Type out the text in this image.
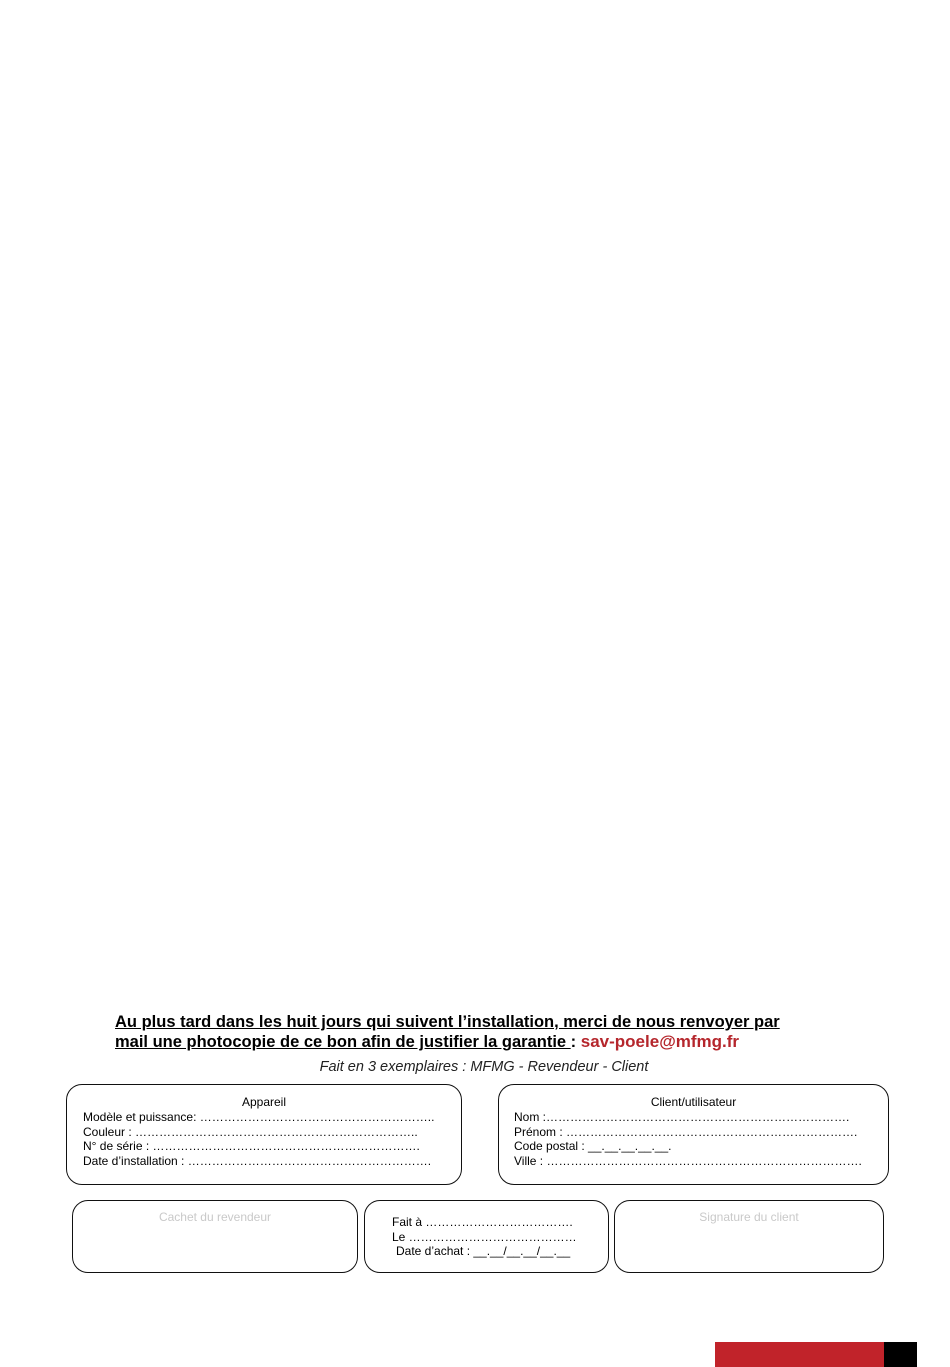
Au plus tard dans les huit jours qui suivent l’installation, merci de nous renvoyer par
mail une photocopie de ce bon afin de justifier la garantie : sav-poele@mfmg.fr
Fait en 3 exemplaires : MFMG - Revendeur - Client
Appareil
Modèle et puissance: …………………………………………………..
Couleur : ……………………………………………………………..
N° de série : ………………………………………………………….
Date d’installation : …………………………………………………….
Client/utilisateur
Nom :………………………………………………………………….
Prénom : ……………………………………………………………….
Code postal : __.__.__.__.__.
Ville : …………………………………………………………………….
Cachet du revendeur	Fait à ……………………………….
Le ……………………………………
Date d’achat : __.__/__.__/__.__
Signature du client
